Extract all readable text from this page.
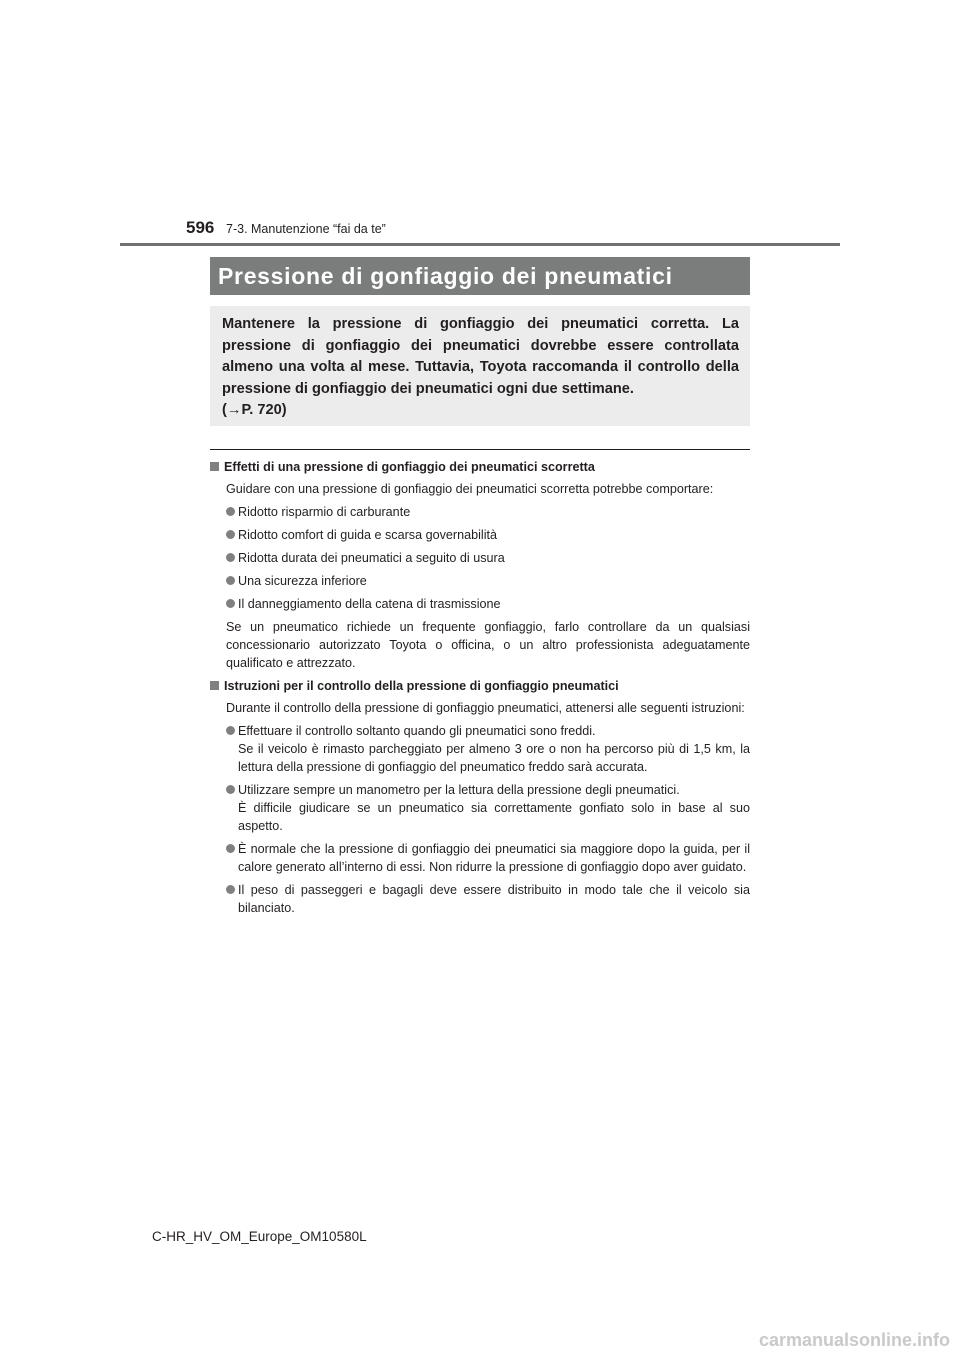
596 7-3. Manutenzione “fai da te”
Pressione di gonfiaggio dei pneumatici

Mantenere la pressione di gonfiaggio dei pneumatici corretta. La pressione di gonfiaggio dei pneumatici dovrebbe essere controllata almeno una volta al mese. Tuttavia, Toyota raccomanda il controllo della pressione di gonfiaggio dei pneumatici ogni due settimane.

(→P. 720)

Effetti di una pressione di gonfiaggio dei pneumatici scorretta

Guidare con una pressione di gonfiaggio dei pneumatici scorretta potrebbe comportare:

Ridotto risparmio di carburante
Ridotto comfort di guida e scarsa governabilità
Ridotta durata dei pneumatici a seguito di usura
Una sicurezza inferiore
Il danneggiamento della catena di trasmissione

Se un pneumatico richiede un frequente gonfiaggio, farlo controllare da un qualsiasi concessionario autorizzato Toyota o officina, o un altro professionista adeguatamente qualificato e attrezzato.

Istruzioni per il controllo della pressione di gonfiaggio pneumatici

Durante il controllo della pressione di gonfiaggio pneumatici, attenersi alle seguenti istruzioni:

Effettuare il controllo soltanto quando gli pneumatici sono freddi.
Se il veicolo è rimasto parcheggiato per almeno 3 ore o non ha percorso più di 1,5 km, la lettura della pressione di gonfiaggio del pneumatico freddo sarà accurata.
Utilizzare sempre un manometro per la lettura della pressione degli pneumatici.
È difficile giudicare se un pneumatico sia correttamente gonfiato solo in base al suo aspetto.
È normale che la pressione di gonfiaggio dei pneumatici sia maggiore dopo la guida, per il calore generato all’interno di essi. Non ridurre la pressione di gonfiaggio dopo aver guidato.
Il peso di passeggeri e bagagli deve essere distribuito in modo tale che il veicolo sia bilanciato.
C-HR_HV_OM_Europe_OM10580L
carmanualsonline.info
